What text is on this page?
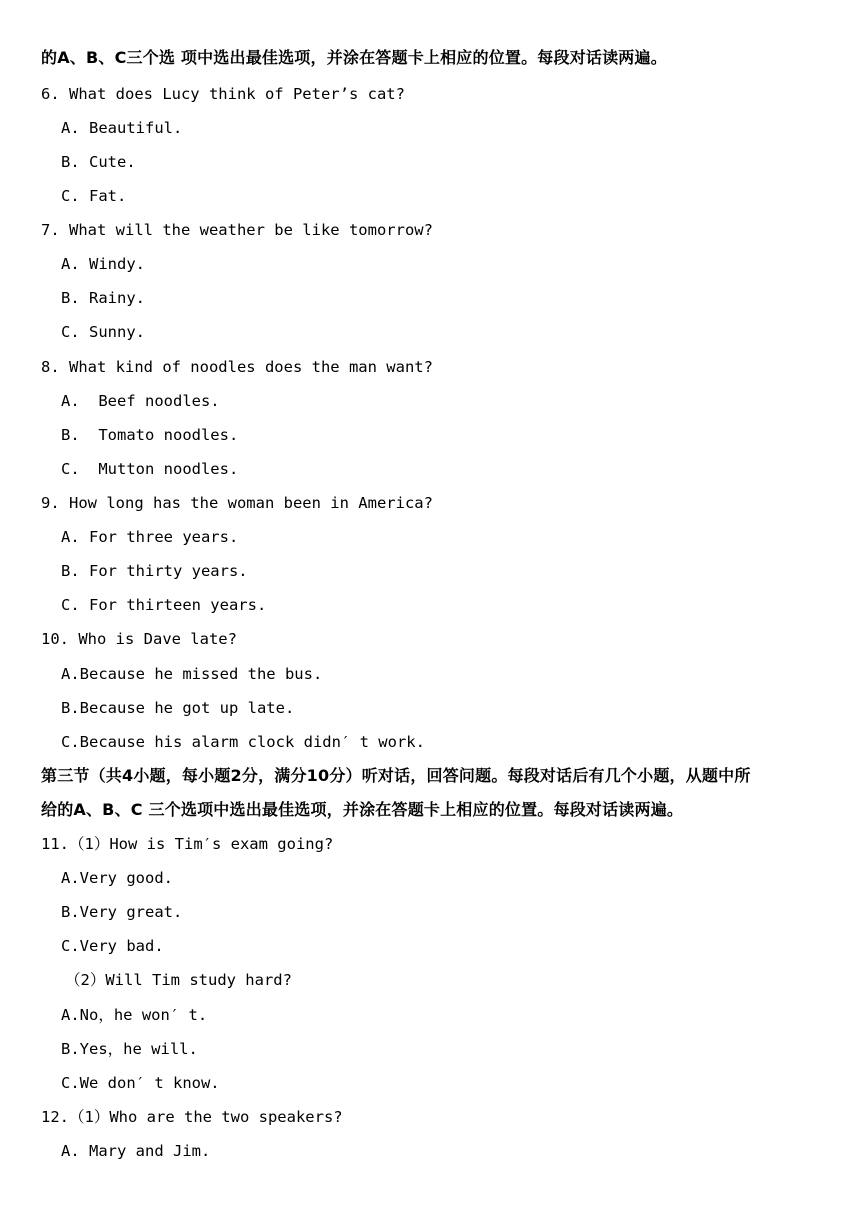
的A、B、C三个选 项中选出最佳选项，并涂在答题卡上相应的位置。每段对话读两遍。
6. What does Lucy think of Peter’s cat?
A. Beautiful.
B. Cute.
C. Fat.
7. What will the weather be like tomorrow?
A. Windy.
B. Rainy.
C. Sunny.
8. What kind of noodles does the man want?
A.  Beef noodles.
B.  Tomato noodles.
C.  Mutton noodles.
9. How long has the woman been in America?
A. For three years.
B. For thirty years.
C. For thirteen years.
10. Who is Dave late?
A.Because he missed the bus.
B.Because he got up late.
C.Because his alarm clock didn′ t work.
第三节（共4小题，每小题2分，满分10分）听对话，回答问题。每段对话后有几个小题，从题中所
给的A、B、C 三个选项中选出最佳选项，并涂在答题卡上相应的位置。每段对话读两遍。
11.（1）How is Tim′s exam going?
A.Very good.
B.Very great.
C.Very bad.
（2）Will Tim study hard?
A.No，he won′ t.
B.Yes，he will.
C.We don′ t know.
12.（1）Who are the two speakers?
A. Mary and Jim.
